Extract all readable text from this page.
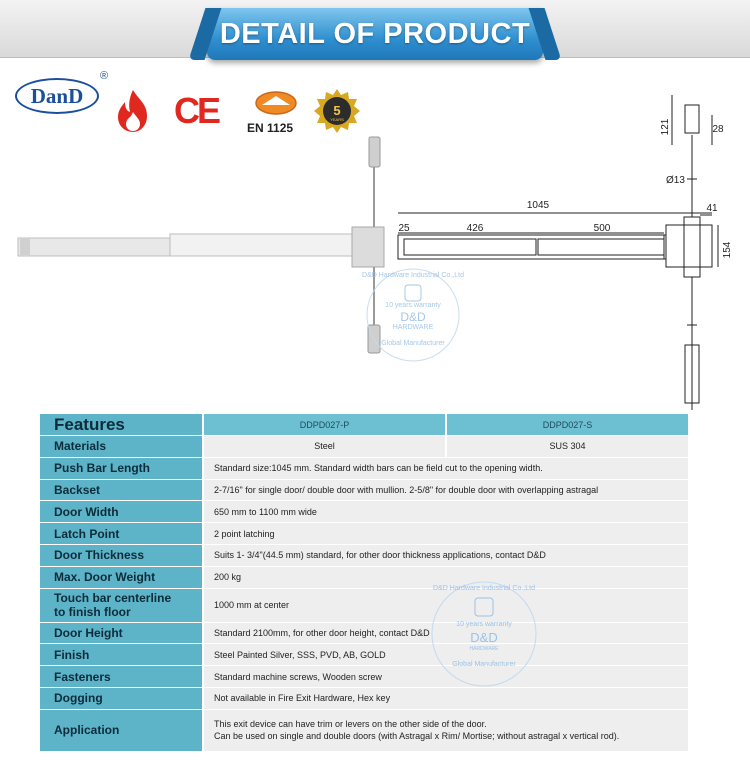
DETAIL OF PRODUCT
DanD
®
CE EN 1125
5
YEARS
1045
25	426	500
41
154
121	28
Ø13
10 years warranty
D&D
HARDWARE
Global Manufacturer
D&D Hardware Industrial Co.,Ltd
Features	DDPD027-P	DDPD027-S
Materials	Steel	SUS 304
Push Bar Length	Standard size:1045 mm. Standard width bars can be field cut to the opening width.
Backset	2-7/16" for single door/ double door with mullion. 2-5/8" for double door with overlapping astragal
Door Width	650 mm to 1100 mm wide
Latch Point	2 point latching
Door Thickness	Suits 1- 3/4"(44.5 mm) standard, for other door thickness applications, contact D&D
Max. Door Weight	200 kg
Touch bar centerline
to finish floor	1000 mm at center
Door Height	Standard 2100mm, for other door height, contact D&D
Finish	Steel Painted Silver, SSS, PVD, AB, GOLD
Fasteners	Standard machine screws, Wooden screw
Dogging	Not available in Fire Exit Hardware, Hex key
Application	This exit device can have trim or levers on the other side of the door.
Can be used on single and double doors (with Astragal x Rim/ Mortise; without astragal x vertical rod).
10 years warranty
D&D
HARDWARE
Global Manufacturer
D&D Hardware Industrial Co.,Ltd
